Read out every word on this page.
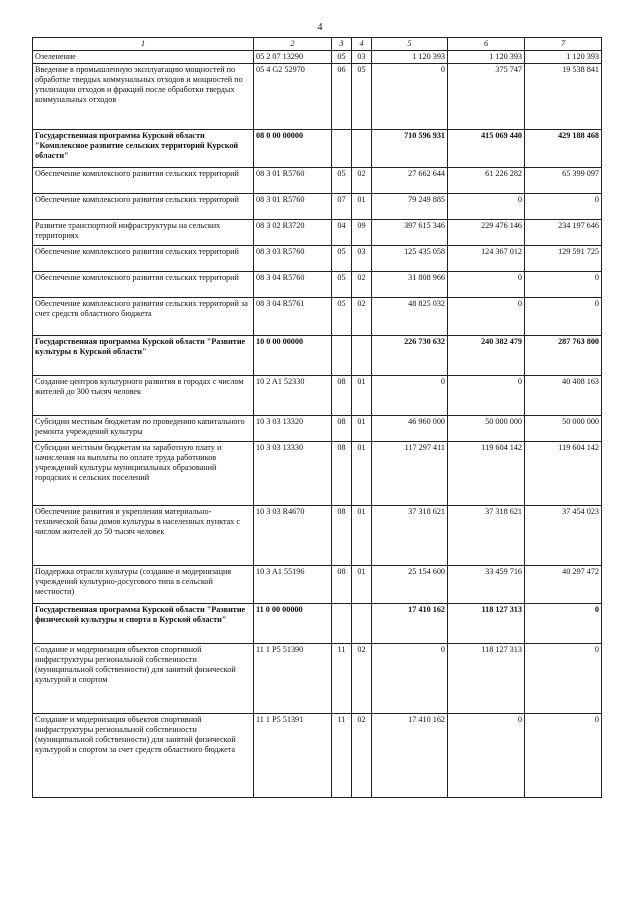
4
1	2	3	4	5	6	7
Озеленение	05 2 07 13290	05	03	1 120 393	1 120 393	1 120 393
Введение в промышленную эксплуатацию мощностей по обработке твердых коммунальных отходов и мощностей по утилизации отходов и фракций после обработки твердых коммунальных отходов	05 4 G2 52970	06	05	0	375 747	19 538 841
Государственная программа Курской области "Комплексное развитие сельских территорий Курской области"	08 0 00 00000			710 596 931	415 069 440	429 188 468
Обеспечение комплексного развития сельских территорий	08 3 01 R5760	05	02	27 662 644	61 226 282	65 399 097
Обеспечение комплексного развития сельских территорий	08 3 01 R5760	07	01	79 249 885	0	0
Развитие транспортной инфраструктуры на сельских территориях	08 3 02 R3720	04	09	397 615 346	229 476 146	234 197 646
Обеспечение комплексного развития сельских территорий	08 3 03 R5760	05	03	125 435 058	124 367 012	129 591 725
Обеспечение комплексного развития сельских территорий	08 3 04 R5760	05	02	31 808 966	0	0
Обеспечение комплексного развития сельских территорий за счет средств областного бюджета	08 3 04 R5761	05	02	48 825 032	0	0
Государственная программа Курской области "Развитие культуры в Курской области"	10 0 00 00000			226 730 632	240 382 479	287 763 800
Создание центров культурного развития в городах с числом жителей до 300 тысяч человек	10 2 A1 52330	08	01	0	0	40 408 163
Субсидии местным бюджетам по проведению капитального ремонта учреждений культуры	10 3 03 13320	08	01	46 960 000	50 000 000	50 000 000
Субсидии местным бюджетам на заработную плату и начисления на выплаты по оплате труда работников учреждений культуры муниципальных образований городских и сельских поселений	10 3 03 13330	08	01	117 297 411	119 604 142	119 604 142
Обеспечение развития и укрепления материально-технической базы домов культуры в населенных пунктах с числом жителей до 50 тысяч человек	10 3 03 R4670	08	01	37 318 621	37 318 621	37 454 023
Поддержка отрасли культуры (создание и модернизация учреждений культурно-досугового типа в сельской местности)	10 3 A1 55196	08	01	25 154 600	33 459 716	40 297 472
Государственная программа Курской области "Развитие физической культуры и спорта в Курской области"	11 0 00 00000			17 410 162	118 127 313	0
Создание и модернизация объектов спортивной инфраструктуры региональной собственности (муниципальной собственности) для занятий физической культурой и спортом	11 1 P5 51390	11	02	0	118 127 313	0
Создание и модернизация объектов спортивной инфраструктуры региональной собственности (муниципальной собственности) для занятий физической культурой и спортом за счет средств областного бюджета	11 1 P5 51391	11	02	17 410 162	0	0
